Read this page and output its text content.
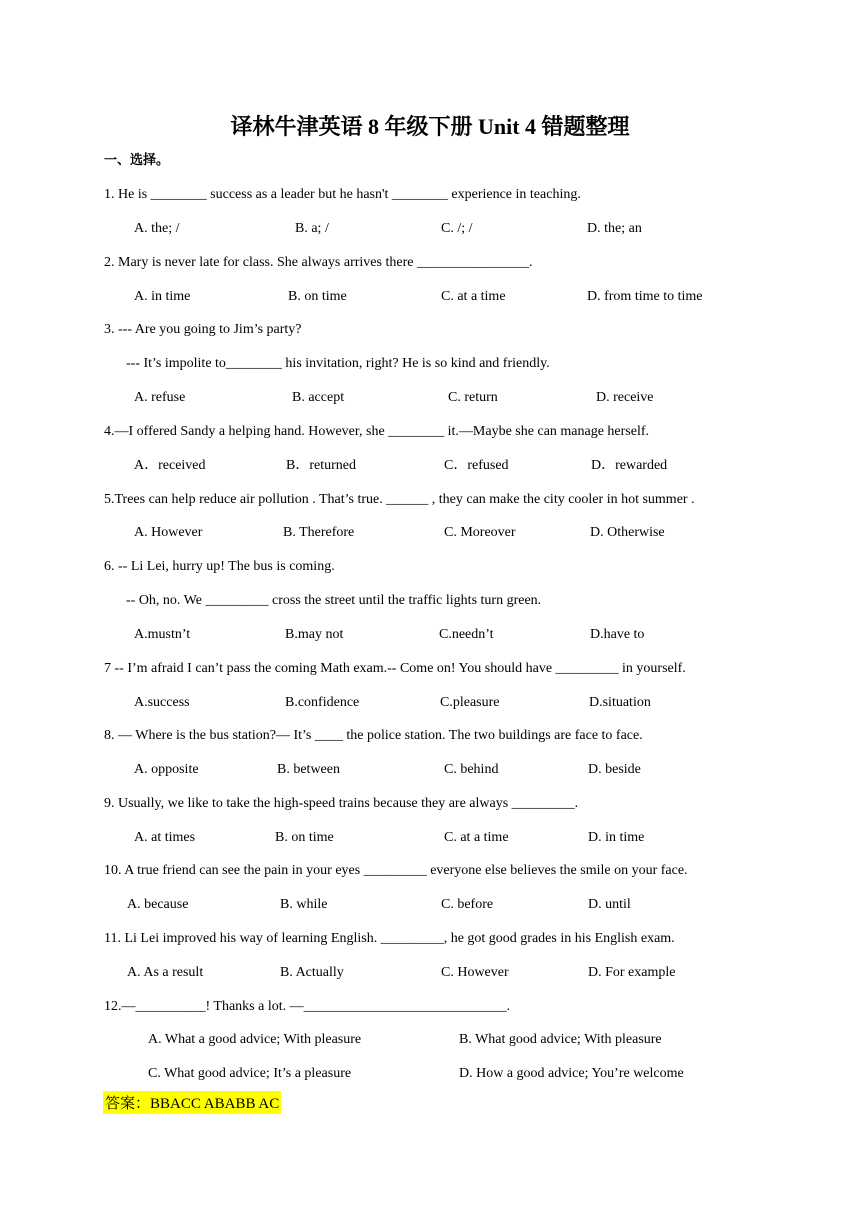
译林牛津英语 8 年级下册 Unit 4 错题整理
一、选择。
1. He is ________ success as a leader but he hasn't ________ experience in teaching.
A. the; /	B. a; /	C. /; /	D. the; an
2. Mary is never late for class. She always arrives there ________________.
A. in time	B. on time	C. at a time	D. from time to time
3. --- Are you going to Jim’s party?
--- It’s impolite to________ his invitation, right? He is so kind and friendly.
A. refuse	B. accept	C. return	D. receive
4.—I offered Sandy a helping hand. However, she ________ it.—Maybe she can manage herself.
A．received	B．returned	C．refused	D．rewarded
5.Trees can help reduce air pollution . That’s true. ______ , they can make the city cooler in hot summer .
A. However	B. Therefore	C. Moreover	D. Otherwise
6. -- Li Lei, hurry up! The bus is coming.
-- Oh, no. We _________ cross the street until the traffic lights turn green.
A.mustn’t	B.may not	C.needn’t	D.have to
7 -- I’m afraid I can’t pass the coming Math exam.-- Come on! You should have _________ in yourself.
A.success	B.confidence	C.pleasure	D.situation
8. ― Where is the bus station?― It’s ____ the police station. The two buildings are face to face.
A. opposite	B. between	C. behind	D. beside
9. Usually, we like to take the high-speed trains because they are always _________.
A. at times	B. on time	C. at a time	D. in time
10. A true friend can see the pain in your eyes _________ everyone else believes the smile on your face.
A. because	B. while	C. before	D. until
11. Li Lei improved his way of learning English. _________, he got good grades in his English exam.
A. As a result	B. Actually	C. However	D. For example
12.—__________! Thanks a lot. —_____________________________.
A. What a good advice; With pleasure	B. What good advice; With pleasure
C. What good advice; It’s a pleasure	D. How a good advice; You’re welcome
答案：BBACC ABABB AC
